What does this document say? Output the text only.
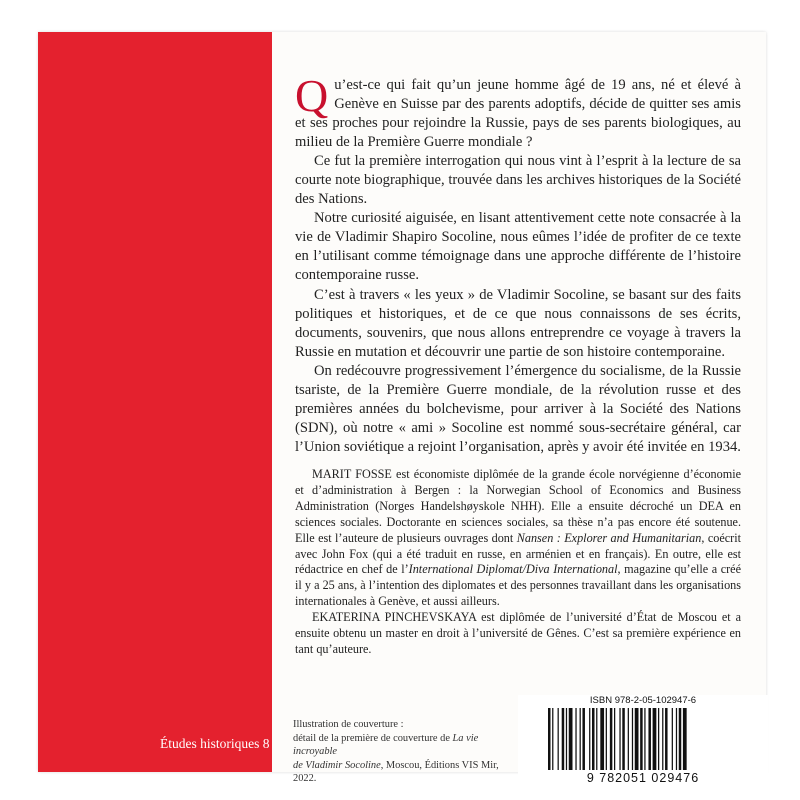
Études historiques 8

Qu’est-ce qui fait qu’un jeune homme âgé de 19 ans, né et élevé à Genève en Suisse par des parents adoptifs, décide de quitter ses amis et ses proches pour rejoindre la Russie, pays de ses parents biologiques, au milieu de la Première Guerre mondiale ?

Ce fut la première interrogation qui nous vint à l’esprit à la lecture de sa courte note biographique, trouvée dans les archives historiques de la Société des Nations.

Notre curiosité aiguisée, en lisant attentivement cette note consacrée à la vie de Vladimir Shapiro Socoline, nous eûmes l’idée de profiter de ce texte en l’utilisant comme témoignage dans une approche différente de l’histoire contemporaine russe.

C’est à travers « les yeux » de Vladimir Socoline, se basant sur des faits politiques et historiques, et de ce que nous connaissons de ses écrits, documents, souvenirs, que nous allons entreprendre ce voyage à travers la Russie en mutation et découvrir une partie de son histoire contemporaine.

On redécouvre progressivement l’émergence du socialisme, de la Russie tsariste, de la Première Guerre mondiale, de la révolution russe et des premières années du bolchevisme, pour arriver à la Société des Nations (SDN), où notre « ami » Socoline est nommé sous-secrétaire général, car l’Union soviétique a rejoint l’organisation, après y avoir été invitée en 1934.

MARIT FOSSE est économiste diplômée de la grande école norvégienne d’économie et d’administration à Bergen : la Norwegian School of Economics and Business Administration (Norges Handelshøyskole NHH). Elle a ensuite décroché un DEA en sciences sociales. Doctorante en sciences sociales, sa thèse n’a pas encore été soutenue. Elle est l’auteure de plusieurs ouvrages dont Nansen : Explorer and Humanitarian, coécrit avec John Fox (qui a été traduit en russe, en arménien et en français). En outre, elle est rédactrice en chef de l’International Diplomat/Diva International, magazine qu’elle a créé il y a 25 ans, à l’intention des diplomates et des personnes travaillant dans les organisations internationales à Genève, et aussi ailleurs.

EKATERINA PINCHEVSKAYA est diplômée de l’université d’État de Moscou et a ensuite obtenu un master en droit à l’université de Gênes. C’est sa première expérience en tant qu’auteure.

Illustration de couverture :
détail de la première de couverture de La vie incroyable
de Vladimir Socoline, Moscou, Éditions VIS Mir, 2022.
ISBN 978-2-05-102947-6
9 782051 029476
